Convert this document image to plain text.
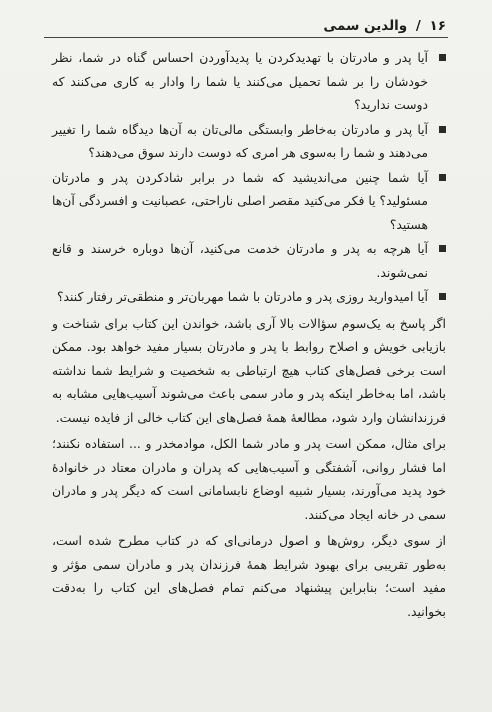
۱۶ / والدین سمی
آیا پدر و مادرتان با تهدیدکردن یا پدیدآوردن احساس گناه در شما، نظر خودشان را بر شما تحمیل می‌کنند یا شما را وادار به کاری می‌کنند که دوست ندارید؟
آیا پدر و مادرتان به‌خاطر وابستگی مالی‌تان به آن‌ها دیدگاه شما را تغییر می‌دهند و شما را به‌سوی هر امری که دوست دارند سوق می‌دهند؟
آیا شما چنین می‌اندیشید که شما در برابر شادکردن پدر و مادرتان مسئولید؟ یا فکر می‌کنید مقصر اصلی ناراحتی، عصبانیت و افسردگی آن‌ها هستید؟
آیا هرچه به پدر و مادرتان خدمت می‌کنید، آن‌ها دوباره خرسند و قانع نمی‌شوند.
آیا امیدوارید روزی پدر و مادرتان با شما مهربان‌تر و منطقی‌تر رفتار کنند؟

اگر پاسخ به یک‌سوم سؤالات بالا آری باشد، خواندن این کتاب برای شناخت و بازیابی خویش و اصلاح روابط با پدر و مادرتان بسیار مفید خواهد بود. ممکن است برخی فصل‌های کتاب هیچ ارتباطی به شخصیت و شرایط شما نداشته باشد، اما به‌خاطر اینکه پدر و مادر سمی باعث می‌شوند آسیب‌هایی مشابه به فرزندانشان وارد شود، مطالعهٔ همهٔ فصل‌های این کتاب خالی از فایده نیست.

برای مثال، ممکن است پدر و مادر شما الکل، موادمخدر و ... استفاده نکنند؛ اما فشار روانی، آشفتگی و آسیب‌هایی که پدران و مادران معتاد در خانوادهٔ خود پدید می‌آورند، بسیار شبیه اوضاع نابسامانی است که دیگر پدر و مادران سمی در خانه ایجاد می‌کنند.

از سوی دیگر، روش‌ها و اصول درمانی‌ای که در کتاب مطرح شده است، به‌طور تقریبی برای بهبود شرایط همهٔ فرزندان پدر و مادران سمی مؤثر و مفید است؛ بنابراین پیشنهاد می‌کنم تمام فصل‌های این کتاب را به‌دقت بخوانید.
